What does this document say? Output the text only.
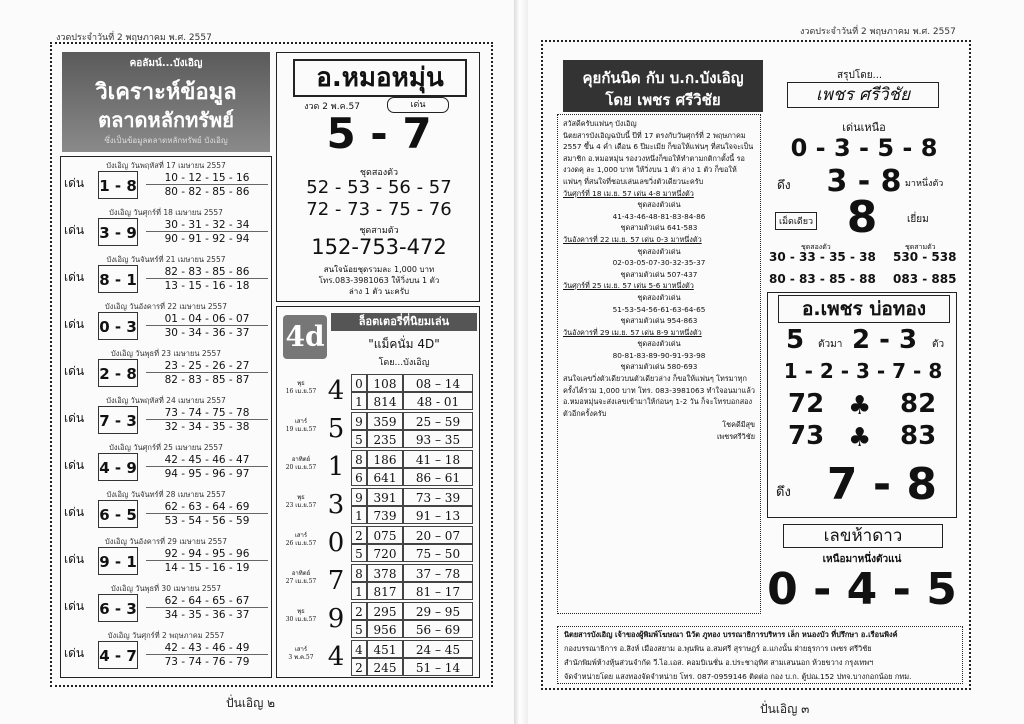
งวดประจำวันที่ 2 พฤษภาคม พ.ศ. 2557
คอลัมน์...บังเอิญ
วิเคราะห์ข้อมูล
ตลาดหลักทรัพย์
ซึ่งเป็นข้อมูลตลาดหลักทรัพย์ บังเอิญ
บังเอิญ วันพฤหัสที่ 17 เมษายน 2557
เด่น	1 - 8	10 - 12 - 15 - 16
80 - 82 - 85 - 86
บังเอิญ วันศุกร์ที่ 18 เมษายน 2557
เด่น	3 - 9	30 - 31 - 32 - 34
90 - 91 - 92 - 94
บังเอิญ วันจันทร์ที่ 21 เมษายน 2557
เด่น	8 - 1	82 - 83 - 85 - 86
13 - 15 - 16 - 18
บังเอิญ วันอังคารที่ 22 เมษายน 2557
เด่น	0 - 3	01 - 04 - 06 - 07
30 - 34 - 36 - 37
บังเอิญ วันพุธที่ 23 เมษายน 2557
เด่น	2 - 8	23 - 25 - 26 - 27
82 - 83 - 85 - 87
บังเอิญ วันพฤหัสที่ 24 เมษายน 2557
เด่น	7 - 3	73 - 74 - 75 - 78
32 - 34 - 35 - 38
บังเอิญ วันศุกร์ที่ 25 เมษายน 2557
เด่น	4 - 9	42 - 45 - 46 - 47
94 - 95 - 96 - 97
บังเอิญ วันจันทร์ที่ 28 เมษายน 2557
เด่น	6 - 5	62 - 63 - 64 - 69
53 - 54 - 56 - 59
บังเอิญ วันอังคารที่ 29 เมษายน 2557
เด่น	9 - 1	92 - 94 - 95 - 96
14 - 15 - 16 - 19
บังเอิญ วันพุธที่ 30 เมษายน 2557
เด่น	6 - 3	62 - 64 - 65 - 67
34 - 35 - 36 - 37
บังเอิญ วันศุกร์ที่ 2 พฤษภาคม 2557
เด่น	4 - 7	42 - 43 - 46 - 49
73 - 74 - 76 - 79
อ.หมอหมุ่น
งวด 2 พ.ค.57	เด่น
5 - 7
ชุดสองตัว
52 - 53 - 56 - 57
72 - 73 - 75 - 76
ชุดสามตัว
152-753-472
สนใจน้อยชุดรวมละ 1,000 บาท
โทร.083-3981063 ให้วิ่งบน 1 ตัว
ล่าง 1 ตัว นะครับ
4d	ล็อตเตอรี่ที่นิยมเล่น
"แม็คนั่ม 4D"
โดย...บังเอิญ
พุธ
16 เม.ย.57 4 0 108	08 – 14
1 814	48 - 01
เสาร์
19 เม.ย.57 5 9 359	25 – 59
5 235	93 – 35
อาทิตย์
20 เม.ย.57 1 8 186	41 – 18
6 641	86 – 61
พุธ
23 เม.ย.57 3 9 391	73 – 39
1 739	91 – 13
เสาร์
26 เม.ย.57 0 2 075	20 – 07
5 720	75 – 50
อาทิตย์
27 เม.ย.57 7 8 378	37 – 78
1 817	81 – 17
พุธ
30 เม.ย.57 9 2 295	29 – 95
5 956	56 – 69
เสาร์
3 พ.ค.57 4 4 451	24 – 45
2 245	51 – 14
ปั่นเอิญ ๒
งวดประจำวันที่ 2 พฤษภาคม พ.ศ. 2557
คุยกันนิด กับ บ.ก.บังเอิญ
โดย เพชร ศรีวิชัย
สวัสดีครับแฟนๆ บังเอิญ
นิตยสารบังเอิญฉบับนี้ ปีที่ 17 ตรงกับวันศุกร์ที่ 2 พฤษภาคม 2557 ขึ้น 4 ค่ำ เดือน 6 ปีมะเมีย ก็ขอให้แฟนๆ ที่สนใจจะเป็นสมาชิก อ.หมอหมุ่น รองวงหนึ่งก็ขอให้ทำตามกติกาตั้งนี้ รองวงดคุ ละ 1,000 บาท ให้วิ่งบน 1 ตัว ล่าง 1 ตัว ก็ขอให้แฟนๆ ที่สนใจที่ชอบเล่นเลขวิ่งตัวเดียวนะครับ
วันศุกร์ที่ 18 เม.ย. 57 เด่น 4-8 มาหนึ่งตัว
ชุดสองตัวเด่น
41-43-46-48-81-83-84-86
ชุดสามตัวเด่น 641-583
วันอังคารที่ 22 เม.ย. 57 เด่น 0-3 มาหนึ่งตัว
ชุดสองตัวเด่น
02-03-05-07-30-32-35-37
ชุดสามตัวเด่น 507-437
วันศุกร์ที่ 25 เม.ย. 57 เด่น 5-6 มาหนึ่งตัว
ชุดสองตัวเด่น
51-53-54-56-61-63-64-65
ชุดสามตัวเด่น 954-863
วันอังคารที่ 29 เม.ย. 57 เด่น 8-9 มาหนึ่งตัว
ชุดสองตัวเด่น
80-81-83-89-90-91-93-98
ชุดสามตัวเด่น 580-693
สนใจเลขวิ่งตัวเดียวบนตัวเดียวล่าง ก็ขอให้แฟนๆ โทรมาทุกครั้งได้รวม 1,000 บาท โทร. 083-3981063 ทำใจอนมาแล้ว อ.หมอหมุ่นจะส่งเลขเข้ามาให้ก่อนๆ 1-2 วัน ก็จะโทรบอกสองตัวอีกครั้งครับ
โชคดีมีสุข
เพชรศรีวิชัย
สรุปโดย...
เพชร ศรีวิชัย
เด่นเหนือ
0 - 3 - 5 - 8
ดึง 3 - 8 มาหนึ่งตัว
เม็ดเดียว 8	เยี่ยม
ชุดสองตัว	ชุดสามตัว
30 - 33 - 35 - 38 530 - 538
80 - 83 - 85 - 88 083 - 885
อ.เพชร บ่อทอง
5 ตัวมา 2 - 3 ตัว
1 - 2 - 3 - 7 - 8
72 ♣ 82
73 ♣ 83
ดึง 7 - 8
เลขห้าดาว
เหนือมาหนึ่งตัวแน่
0 - 4 - 5
นิตยสารบังเอิญ เจ้าของผู้พิมพ์โฆษณา นิวัต ภูทอง บรรณาธิการบริหาร เล็ก หนองบัว ที่ปรึกษา อ.เรือนพิงค์
กองบรรณาธิการ อ.สิงห์ เมืองสยาม อ.พุนพิน อ.สมศรี สุราษฎร์ อ.แกงนั้น ฝ่ายธุรการ เพชร ศรีวิชัย
สำนักพิมพ์ห้างหุ้นส่วนจำกัด วี.ไอ.เอส. คอมบิเนชั่น อ.ประชาอุทิศ สามเสนนอก ห้วยขวาง กรุงเทพฯ
จัดจำหน่ายโดย แสงทองจัดจำหน่าย โทร. 087-0959146 ติดต่อ กอง บ.ก. ตู้ปณ.152 ปทจ.บางกอกน้อย กทม.
ปั่นเอิญ ๓
